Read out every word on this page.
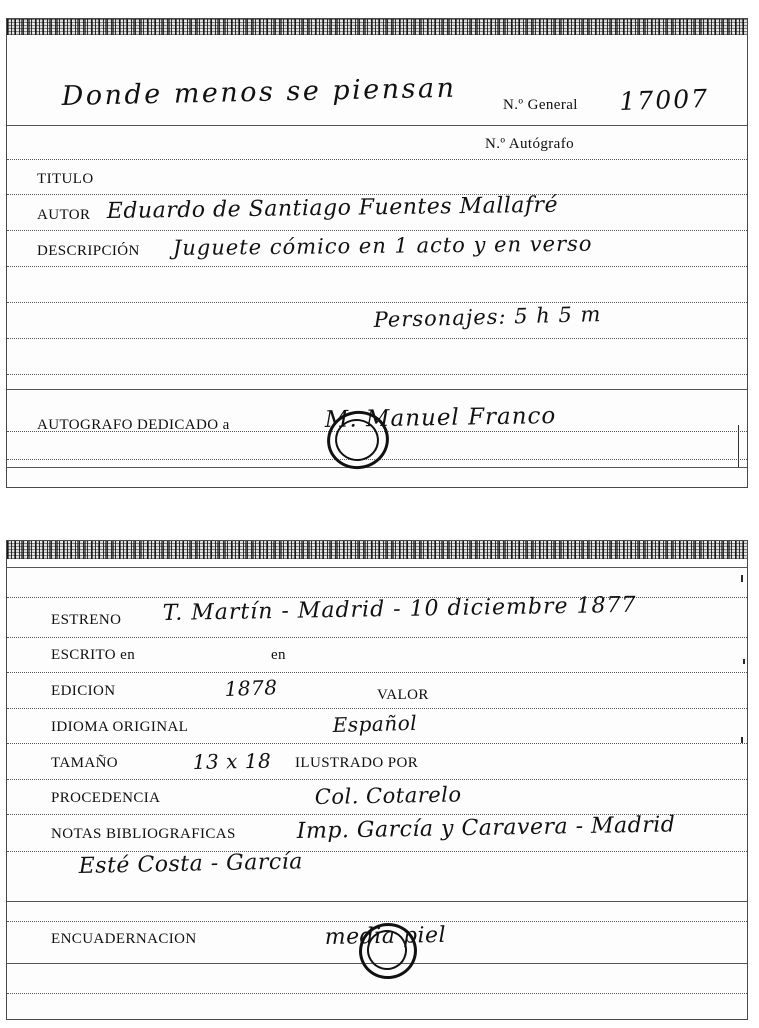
Donde menos se piensan	N.º General 17007
N.º Autógrafo
TITULO
AUTOR Eduardo de Santiago Fuentes Mallafré
DESCRIPCIÓN Juguete cómico en 1 acto y en verso
Personajes: 5 h 5 m
AUTOGRAFO DEDICADO a	M. Manuel Franco
ESTRENO T. Martín - Madrid - 10 diciembre 1877
ESCRITO en	en
EDICION	1878	VALOR
IDIOMA ORIGINAL	Español
TAMAÑO	13 x 18 ILUSTRADO POR
PROCEDENCIA	Col. Cotarelo
NOTAS BIBLIOGRAFICAS	Imp. García y Caravera - Madrid
Esté Costa - García
ENCUADERNACION	media piel
